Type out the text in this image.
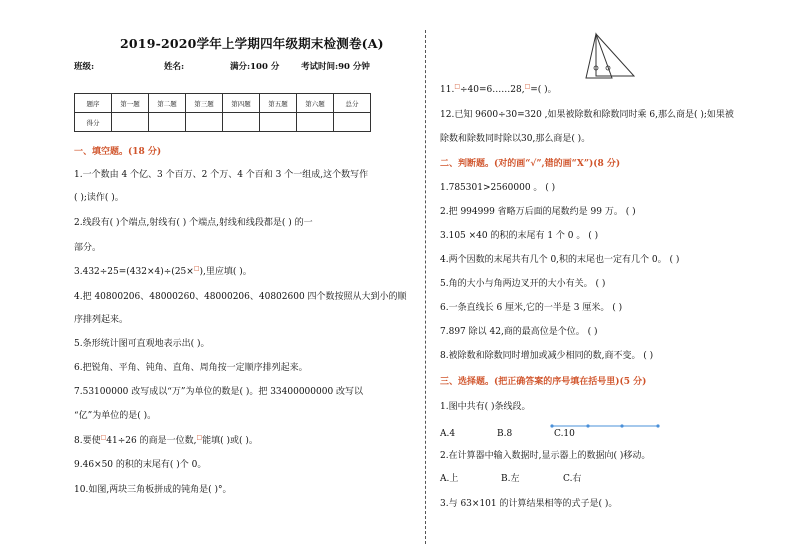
2019-2020学年上学期四年级期末检测卷(A)
班级:	姓名:	满分:100 分	考试时间:90 分钟
题序	第一题	第二题	第三题	第四题	第五题	第六题	总分
得分							
一、填空题。(18 分)
1.一个数由 4 个亿、3 个百万、2 个万、4 个百和 3 个一组成,这个数写作
( );读作( )。
2.线段有( )个端点,射线有( ) 个端点,射线和线段都是( ) 的一
部分。
3.432÷25=(432×4)÷(25×□),里应填( )。
4.把 40800206、48000260、48000206、40802600 四个数按照从大到小的顺
序排列起来。
5.条形统计图可直观地表示出( )。
6.把锐角、平角、钝角、直角、周角按一定顺序排列起来。
7.53100000 改写成以“万”为单位的数是( )。把 33400000000 改写以
“亿”为单位的是( )。
8.要使□41÷26 的商是一位数,□能填( )或( )。
9.46×50 的积的末尾有( )个 0。
10.如图,两块三角板拼成的钝角是( )°。
11.□÷40=6……28,□=( )。
12.已知 9600÷30=320 ,如果被除数和除数同时乘 6,那么商是( );如果被
除数和除数同时除以30,那么商是( )。
二、判断题。(对的画“√”,错的画“X”)(8 分)
1.785301>2560000 。 ( )
2.把 994999 省略万后面的尾数约是 99 万。 ( )
3.105 ×40 的积的末尾有 1 个 0 。 ( )
4.两个因数的末尾共有几个 0,积的末尾也一定有几个 0。 ( )
5.角的大小与角两边叉开的大小有关。 ( )
6.一条直线长 6 厘米,它的一半是 3 厘米。 ( )
7.897 除以 42,商的最高位是个位。 ( )
8.被除数和除数同时增加或减少相同的数,商不变。 ( )
三、选择题。(把正确答案的序号填在括号里)(5 分)
1.图中共有( )条线段。
A.4	B.8	C.10
2.在计算器中输入数据时,显示器上的数据向( )移动。
A.上	B.左	C.右
3.与 63×101 的计算结果相等的式子是( )。
